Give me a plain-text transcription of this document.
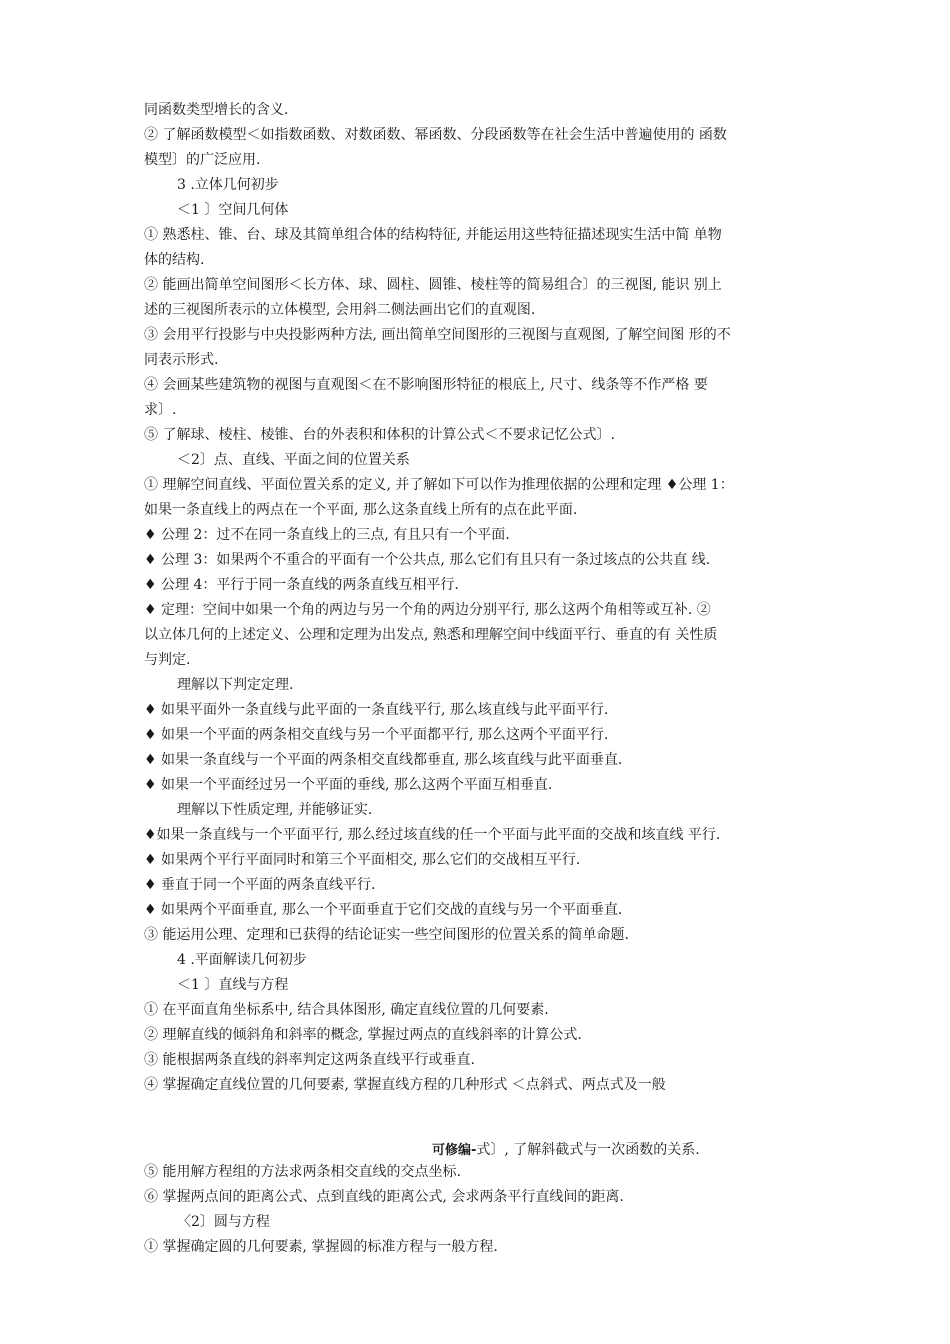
同函数类型增长的含义.
② 了解函数模型＜如指数函数、对数函数、幂函数、分段函数等在社会生活中普遍使用的 函数
模型〕的广泛应用.
3 .立体几何初步
＜1 〕空间几何体
① 熟悉柱、锥、台、球及其简单组合体的结构特征, 并能运用这些特征描述现实生活中简 单物
体的结构.
② 能画出简单空间图形＜长方体、球、圆柱、圆锥、棱柱等的简易组合〕的三视图, 能识 别上
述的三视图所表示的立体模型, 会用斜二侧法画出它们的直观图.
③ 会用平行投影与中央投影两种方法, 画出简单空间图形的三视图与直观图, 了解空间图 形的不
同表示形式.
④ 会画某些建筑物的视图与直观图＜在不影响图形特征的根底上, 尺寸、线条等不作严格 要
求〕.
⑤ 了解球、棱柱、棱锥、台的外表积和体积的计算公式＜不要求记忆公式〕.
＜2〕点、直线、平面之间的位置关系
① 理解空间直线、平面位置关系的定义, 并了解如下可以作为推理依据的公理和定理 ♦公理 1：
如果一条直线上的两点在一个平面, 那么这条直线上所有的点在此平面.
♦ 公理 2：过不在同一条直线上的三点, 有且只有一个平面.
♦ 公理 3：如果两个不重合的平面有一个公共点, 那么它们有且只有一条过垓点的公共直 线.
♦ 公理 4：平行于同一条直线的两条直线互相平行.
♦ 定理：空间中如果一个角的两边与另一个角的两边分别平行, 那么这两个角相等或互补. ②
以立体几何的上述定义、公理和定理为出发点, 熟悉和理解空间中线面平行、垂直的有 关性质
与判定.
理解以下判定定理.
♦ 如果平面外一条直线与此平面的一条直线平行, 那么垓直线与此平面平行.
♦ 如果一个平面的两条相交直线与另一个平面都平行, 那么这两个平面平行.
♦ 如果一条直线与一个平面的两条相交直线都垂直, 那么垓直线与此平面垂直.
♦ 如果一个平面经过另一个平面的垂线, 那么这两个平面互相垂直.
理解以下性质定理, 并能够证实.
♦如果一条直线与一个平面平行, 那么经过垓直线的任一个平面与此平面的交战和垓直线 平行.
♦ 如果两个平行平面同时和第三个平面相交, 那么它们的交战相互平行.
♦ 垂直于同一个平面的两条直线平行.
♦ 如果两个平面垂直, 那么一个平面垂直于它们交战的直线与另一个平面垂直.
③ 能运用公理、定理和已获得的结论证实一些空间图形的位置关系的简单命题.
4 .平面解读几何初步
＜1 〕直线与方程
① 在平面直角坐标系中, 结合具体图形, 确定直线位置的几何要素.
② 理解直线的倾斜角和斜率的概念, 掌握过两点的直线斜率的计算公式.
③ 能根据两条直线的斜率判定这两条直线平行或垂直.
④ 掌握确定直线位置的几何要素, 掌握直线方程的几种形式 ＜点斜式、两点式及一般
可修编-式〕, 了解斜截式与一次函数的关系.
⑤ 能用解方程组的方法求两条相交直线的交点坐标.
⑥ 掌握两点间的距离公式、点到直线的距离公式, 会求两条平行直线间的距离.
〈2〕圆与方程
① 掌握确定圆的几何要素, 掌握圆的标准方程与一般方程.
